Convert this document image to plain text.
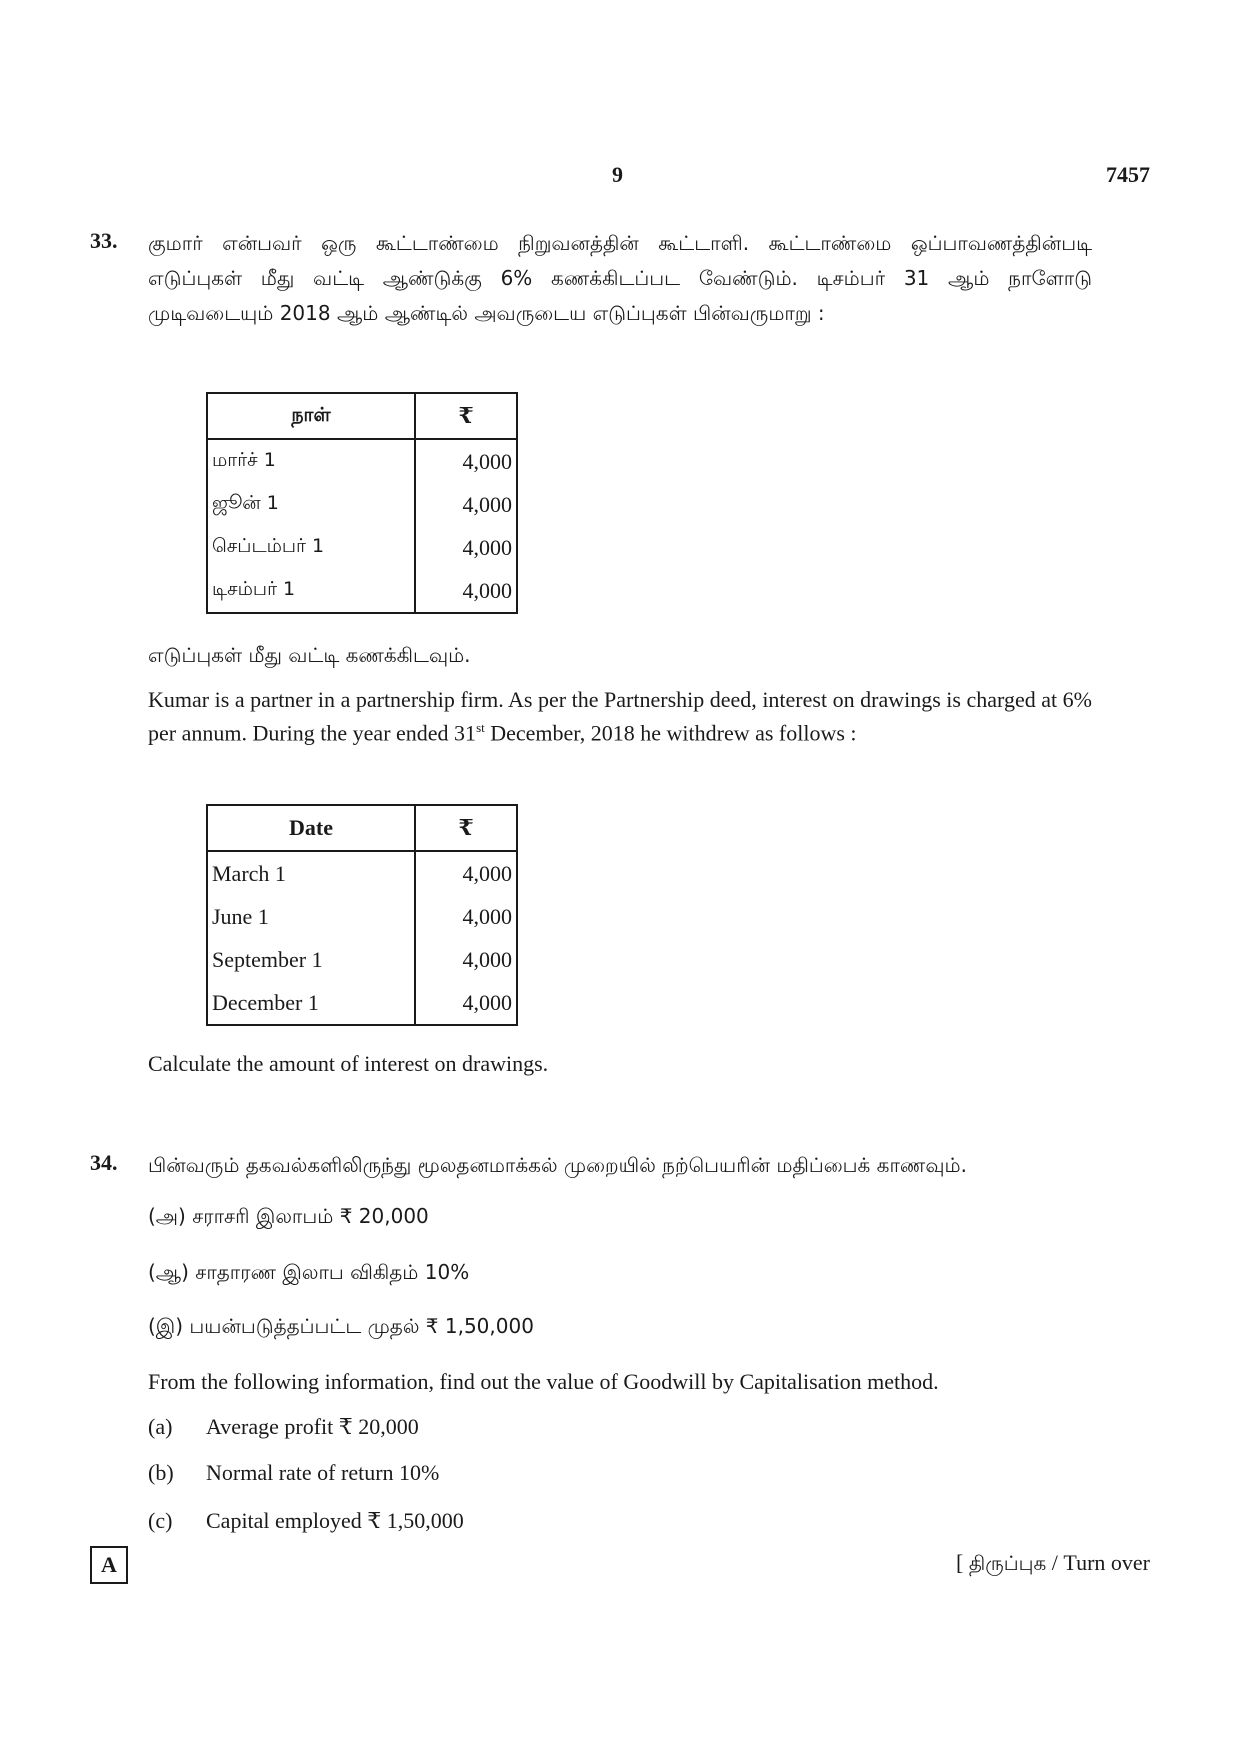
9	7457
33. குமார் என்பவர் ஒரு கூட்டாண்மை நிறுவனத்தின் கூட்டாளி. கூட்டாண்மை ஒப்பாவணத்தின்படி எடுப்புகள் மீது வட்டி ஆண்டுக்கு 6% கணக்கிடப்பட வேண்டும். டிசம்பர் 31 ஆம் நாளோடு முடிவடையும் 2018 ஆம் ஆண்டில் அவருடைய எடுப்புகள் பின்வருமாறு :
நாள்	₹
மார்ச் 1	4,000
ஜூன் 1	4,000
செப்டம்பர் 1	4,000
டிசம்பர் 1	4,000
எடுப்புகள் மீது வட்டி கணக்கிடவும்.
Kumar is a partner in a partnership firm. As per the Partnership deed, interest on drawings is charged at 6% per annum. During the year ended 31st December, 2018 he withdrew as follows :
Date	₹
March 1	4,000
June 1	4,000
September 1	4,000
December 1	4,000
Calculate the amount of interest on drawings.
34. பின்வரும் தகவல்களிலிருந்து மூலதனமாக்கல் முறையில் நற்பெயரின் மதிப்பைக் காணவும்.
(அ) சராசரி இலாபம் ₹ 20,000
(ஆ) சாதாரண இலாப விகிதம் 10%
(இ) பயன்படுத்தப்பட்ட முதல் ₹ 1,50,000
From the following information, find out the value of Goodwill by Capitalisation method.
(a) Average profit ₹ 20,000
(b) Normal rate of return 10%
(c) Capital employed ₹ 1,50,000
A	[ திருப்புக / Turn over
